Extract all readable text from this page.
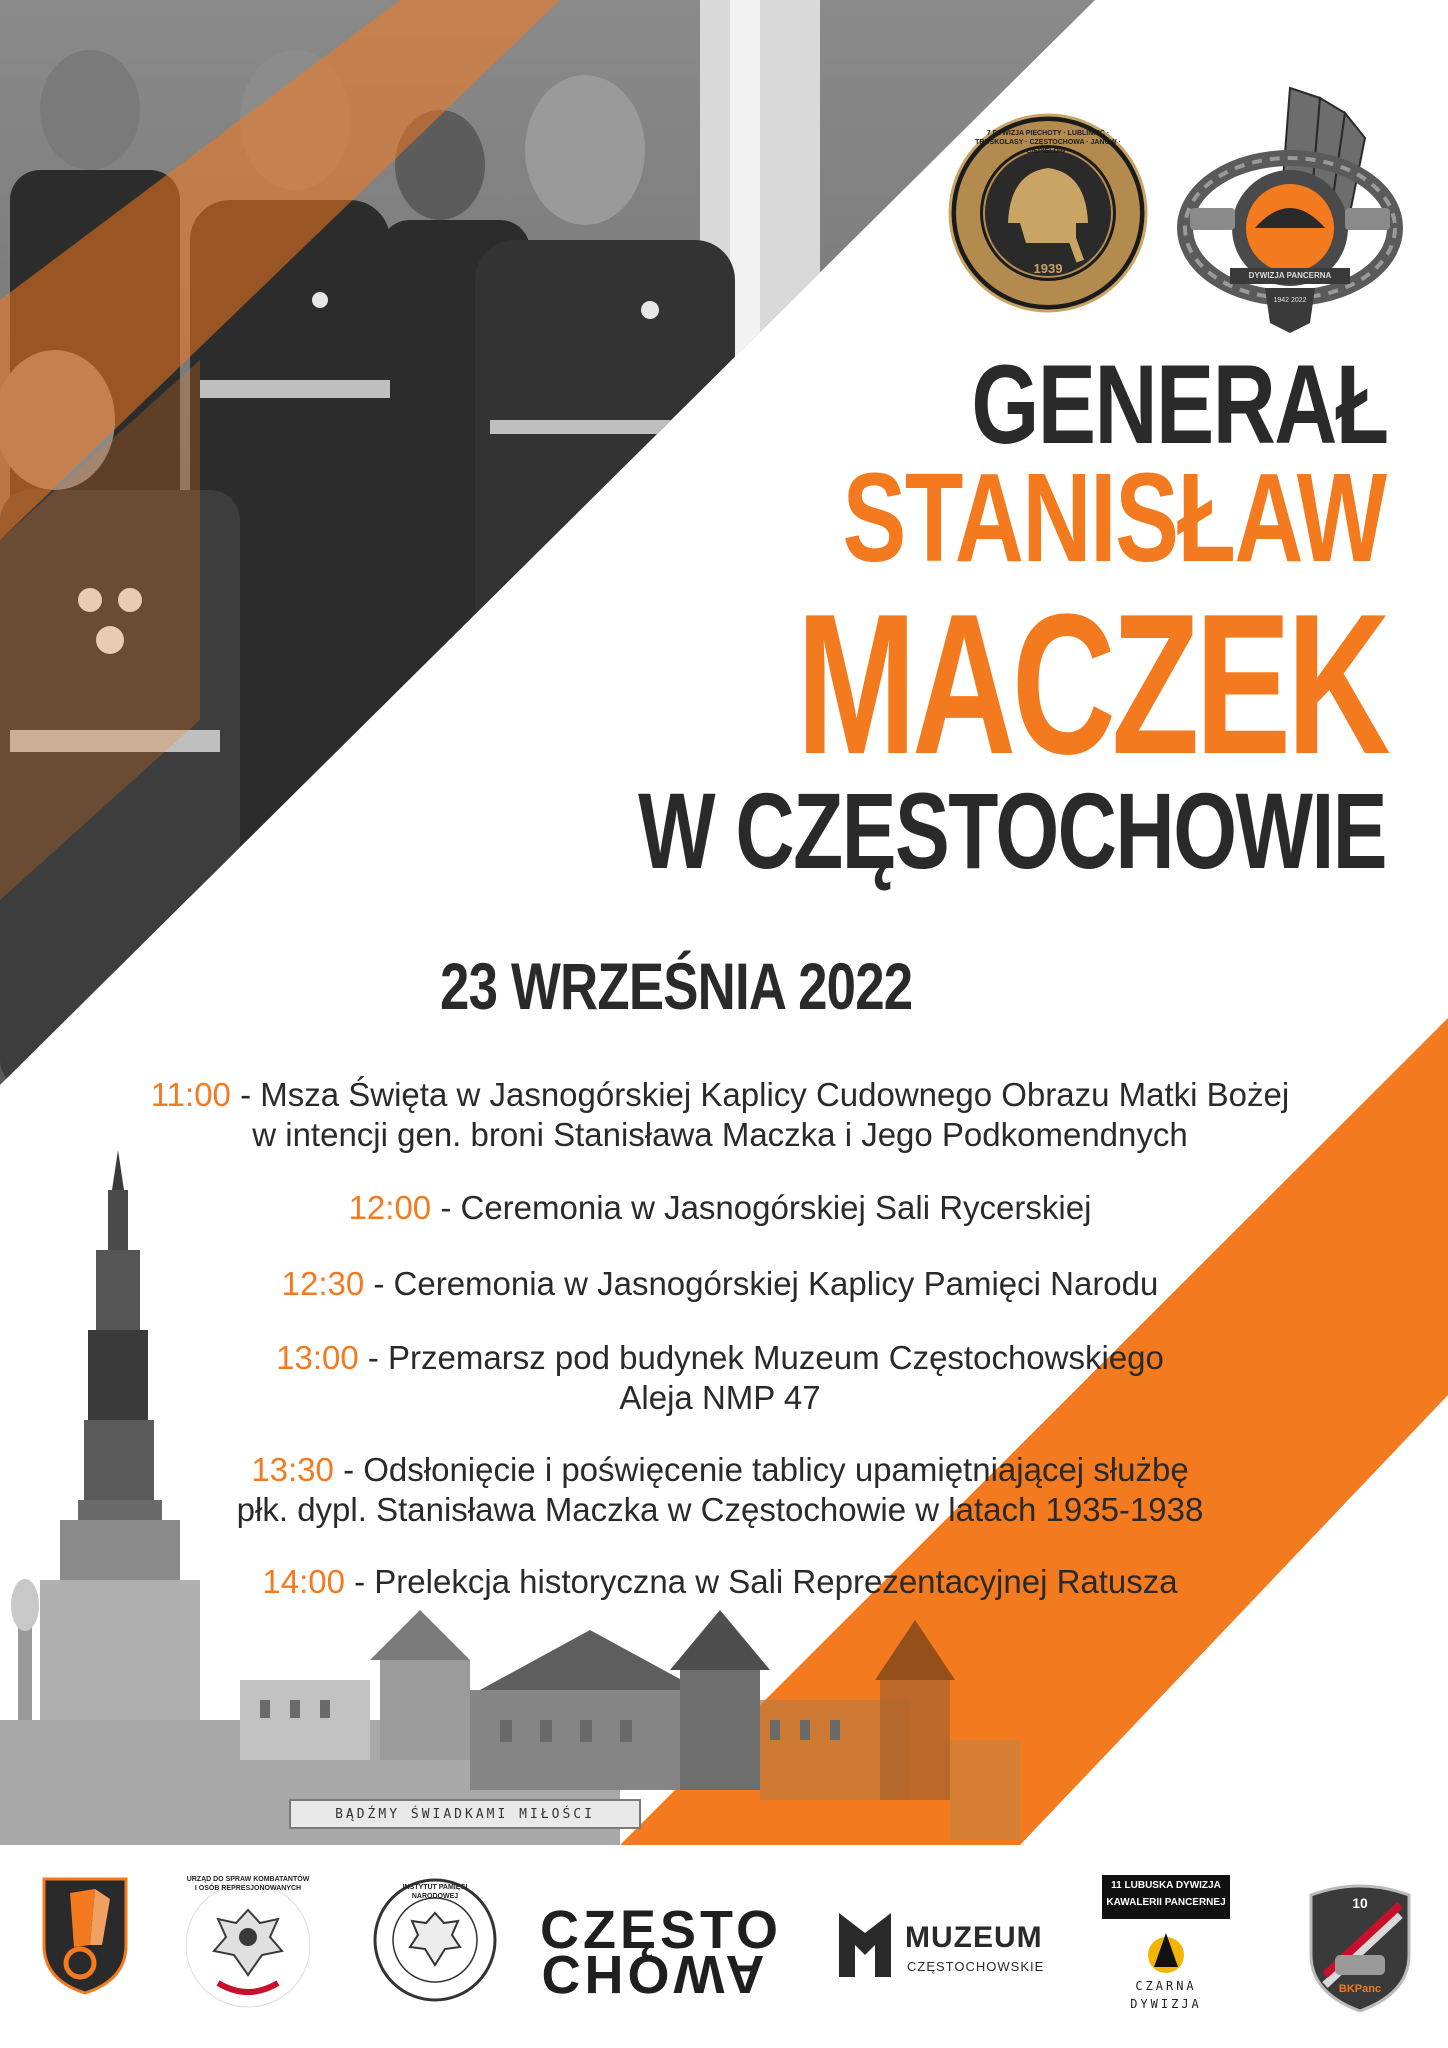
BĄDŹMY ŚWIADKAMI MIŁOŚCI
1939
7 DYWIZJA PIECHOTY · LUBLINIEC · TRUSKOLASY · CZĘSTOCHOWA · JANÓW · CIEPIELÓW ·
DYWIZJA PANCERNA
1942 2022
GENERAŁ
STANISŁAW
MACZEK
W CZĘSTOCHOWIE
23 WRZEŚNIA 2022
11:00 - Msza Święta w Jasnogórskiej Kaplicy Cudownego Obrazu Matki Bożej
w intencji gen. broni Stanisława Maczka i Jego Podkomendnych
12:00 - Ceremonia w Jasnogórskiej Sali Rycerskiej
12:30 - Ceremonia w Jasnogórskiej Kaplicy Pamięci Narodu
13:00 - Przemarsz pod budynek Muzeum Częstochowskiego
Aleja NMP 47
13:30 - Odsłonięcie i poświęcenie tablicy upamiętniającej służbę
płk. dypl. Stanisława Maczka w Częstochowie w latach 1935-1938
14:00 - Prelekcja historyczna w Sali Reprezentacyjnej Ratusza
URZĄD DO SPRAW KOMBATANTÓW I OSÓB REPRESJONOWANYCH	INSTYTUT PAMIĘCI NARODOWEJ
CZĘSTO
CHOWA
MUZEUM
CZĘSTOCHOWSKIE
11 LUBUSKA DYWIZJA
KAWALERII PANCERNEJ
CZARNA
DYWIZJA
10
BKPanc
